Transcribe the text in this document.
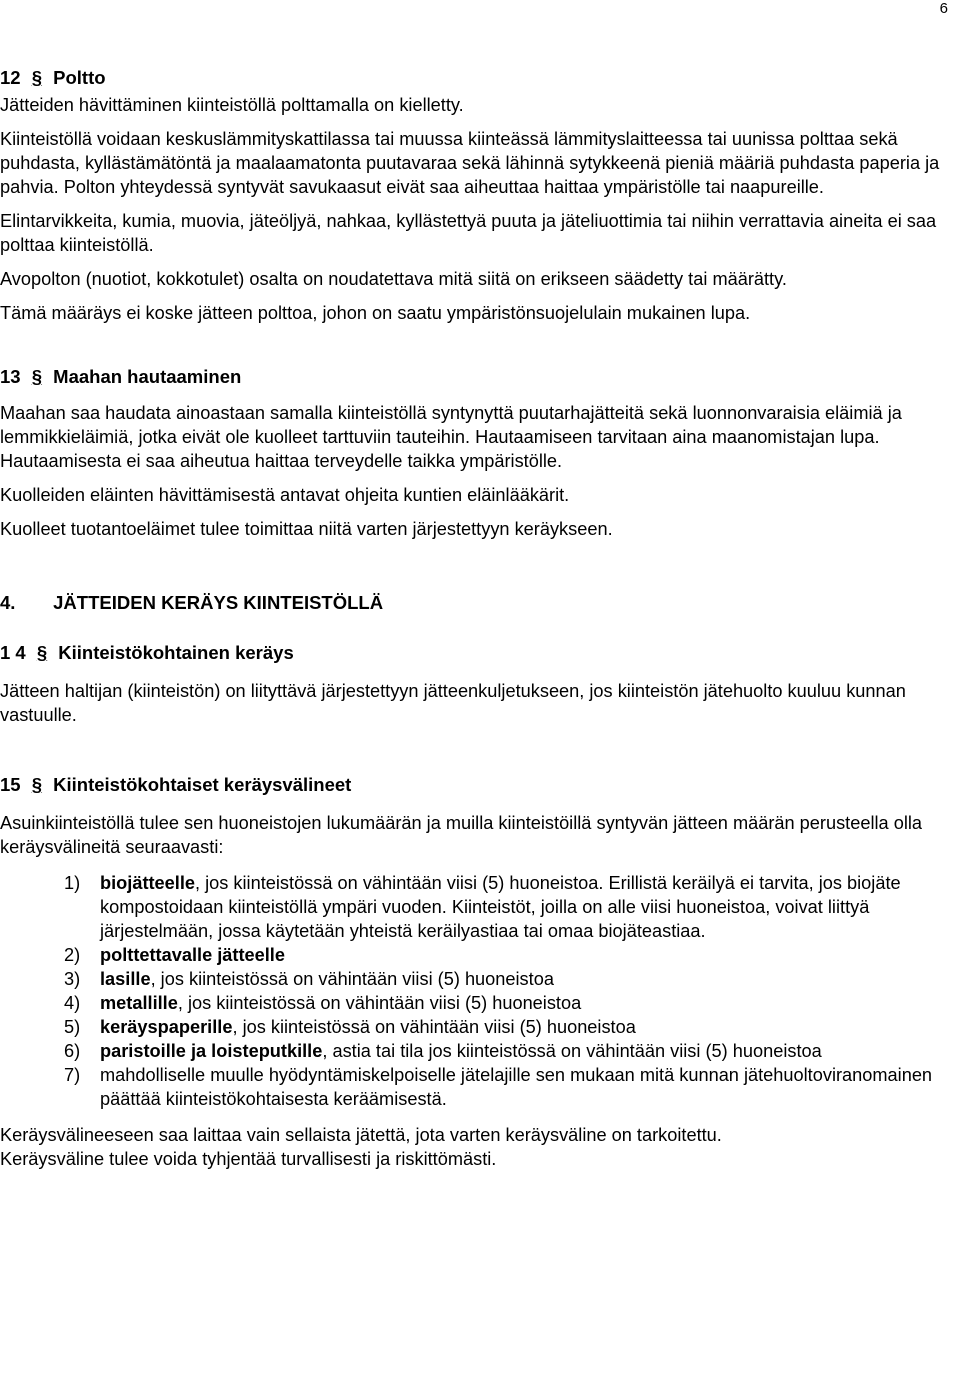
6
12 § Poltto

Jätteiden hävittäminen kiinteistöllä polttamalla on kielletty.

Kiinteistöllä voidaan keskuslämmityskattilassa tai muussa kiinteässä lämmityslaitteessa tai uunissa polttaa sekä puhdasta, kyllästämätöntä ja maalaamatonta puutavaraa sekä lähinnä sytykkeenä pieniä määriä puhdasta paperia ja pahvia. Polton yhteydessä syntyvät savukaasut eivät saa aiheuttaa haittaa ympäristölle tai naapureille.

Elintarvikkeita, kumia, muovia, jäteöljyä, nahkaa, kyllästettyä puuta ja jäteliuottimia tai niihin verrattavia aineita ei saa polttaa kiinteistöllä.

Avopolton (nuotiot, kokkotulet) osalta on noudatettava mitä siitä on erikseen säädetty tai määrätty.

Tämä määräys ei koske jätteen polttoa, johon on saatu ympäristönsuojelulain mukainen lupa.

13 § Maahan hautaaminen

Maahan saa haudata ainoastaan samalla kiinteistöllä syntynyttä puutarhajätteitä sekä luonnonvaraisia eläimiä ja lemmikkieläimiä, jotka eivät ole kuolleet tarttuviin tauteihin. Hautaamiseen tarvitaan aina maanomistajan lupa. Hautaamisesta ei saa aiheutua haittaa terveydelle taikka ympäristölle.

Kuolleiden eläinten hävittämisestä antavat ohjeita kuntien eläinlääkärit.

Kuolleet tuotantoeläimet tulee toimittaa niitä varten järjestettyyn keräykseen.

4. JÄTTEIDEN KERÄYS KIINTEISTÖLLÄ
1 4 § Kiinteistökohtainen keräys

Jätteen haltijan (kiinteistön) on liityttävä järjestettyyn jätteenkuljetukseen, jos kiinteistön jätehuolto kuuluu kunnan vastuulle.

15 § Kiinteistökohtaiset keräysvälineet

Asuinkiinteistöllä tulee sen huoneistojen lukumäärän ja muilla kiinteistöillä syntyvän jätteen määrän perusteella olla keräysvälineitä seuraavasti:

1) biojätteelle, jos kiinteistössä on vähintään viisi (5) huoneistoa. Erillistä keräilyä ei tarvita, jos biojäte kompostoidaan kiinteistöllä ympäri vuoden. Kiinteistöt, joilla on alle viisi huoneistoa, voivat liittyä järjestelmään, jossa käytetään yhteistä keräilyastiaa tai omaa biojäteastiaa.
2) polttettavalle jätteelle
3) lasille, jos kiinteistössä on vähintään viisi (5) huoneistoa
4) metallille, jos kiinteistössä on vähintään viisi (5) huoneistoa
5) keräyspaperille, jos kiinteistössä on vähintään viisi (5) huoneistoa
6) paristoille ja loisteputkille, astia tai tila jos kiinteistössä on vähintään viisi (5) huoneistoa
7) mahdolliselle muulle hyödyntämiskelpoiselle jätelajille sen mukaan mitä kunnan jätehuoltoviranomainen päättää kiinteistökohtaisesta keräämisestä.

Keräysvälineeseen saa laittaa vain sellaista jätettä, jota varten keräysväline on tarkoitettu.

Keräysväline tulee voida tyhjentää turvallisesti ja riskittömästi.
